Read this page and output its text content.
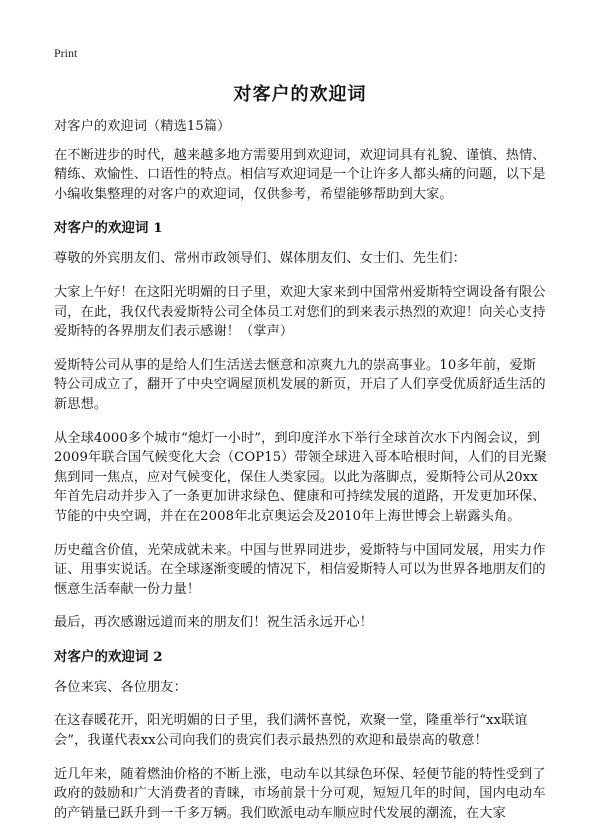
Print
对客户的欢迎词

对客户的欢迎词（精选15篇）

在不断进步的时代，越来越多地方需要用到欢迎词，欢迎词具有礼貌、谨慎、热情、精练、欢愉性、口语性的特点。相信写欢迎词是一个让许多人都头痛的问题，以下是小编收集整理的对客户的欢迎词，仅供参考，希望能够帮助到大家。

对客户的欢迎词 1

尊敬的外宾朋友们、常州市政领导们、媒体朋友们、女士们、先生们：

大家上午好！在这阳光明媚的日子里，欢迎大家来到中国常州爱斯特空调设备有限公司，在此，我仅代表爱斯特公司全体员工对您们的到来表示热烈的欢迎！向关心支持爱斯特的各界朋友们表示感谢！（掌声）

爱斯特公司从事的是给人们生活送去惬意和凉爽九九的崇高事业。10多年前，爱斯特公司成立了，翻开了中央空调屋顶机发展的新页，开启了人们享受优质舒适生活的新思想。

从全球4000多个城市“熄灯一小时”，到印度洋水下举行全球首次水下内阁会议，到2009年联合国气候变化大会（COP15）带领全球进入哥本哈根时间，人们的目光聚焦到同一焦点，应对气候变化，保住人类家园。以此为落脚点，爱斯特公司从20xx年首先启动并步入了一条更加讲求绿色、健康和可持续发展的道路，开发更加环保、节能的中央空调，并在在2008年北京奥运会及2010年上海世博会上崭露头角。

历史蕴含价值，光荣成就未来。中国与世界同进步，爱斯特与中国同发展，用实力作证、用事实说话。在全球逐渐变暖的情况下，相信爱斯特人可以为世界各地朋友们的惬意生活奉献一份力量！

最后，再次感谢远道而来的朋友们！祝生活永远开心！

对客户的欢迎词 2

各位来宾、各位朋友：

在这春暖花开，阳光明媚的日子里，我们满怀喜悦，欢聚一堂，隆重举行“xx联谊会”，我谨代表xx公司向我们的贵宾们表示最热烈的欢迎和最崇高的敬意！

近几年来，随着燃油价格的不断上涨，电动车以其绿色环保、轻便节能的特性受到了政府的鼓励和广大消费者的青睐，市场前景十分可观，短短几年的时间，国内电动车的产销量已跃升到一千多万辆。我们欧派电动车顺应时代发展的潮流，在大家
